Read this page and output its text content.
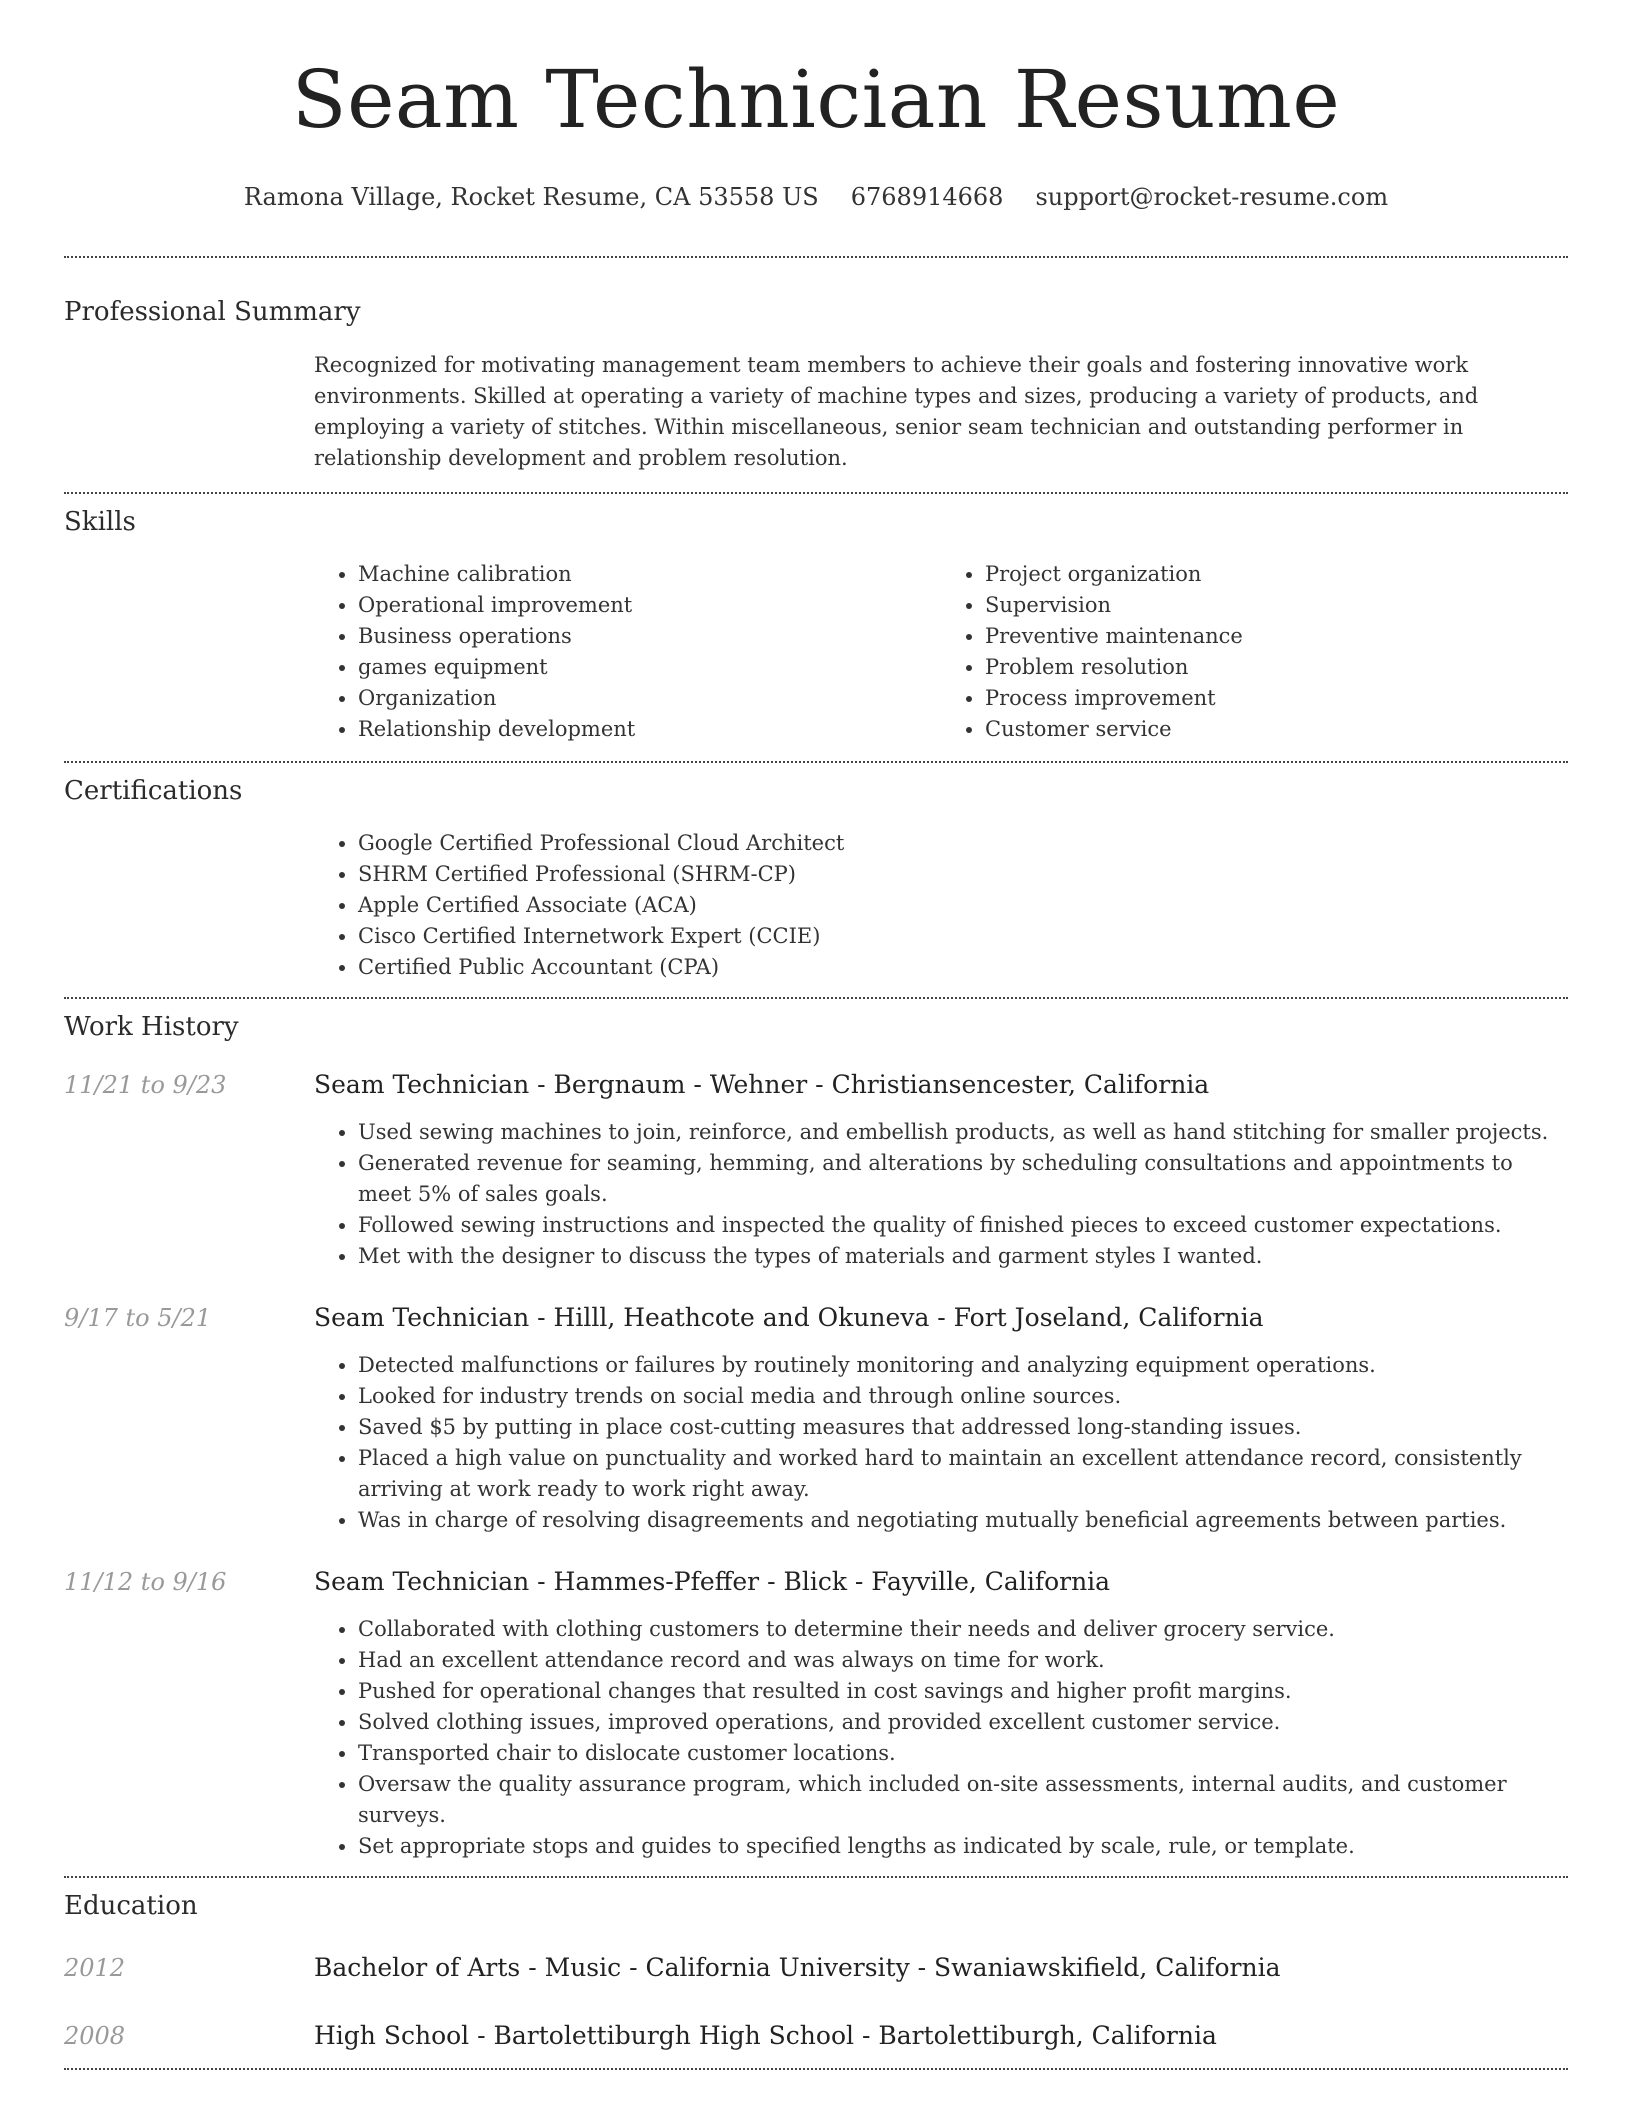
Seam Technician Resume
Ramona Village, Rocket Resume, CA 53558 US 6768914668 support@rocket-resume.com
Professional Summary
Recognized for motivating management team members to achieve their goals and fostering innovative work environments. Skilled at operating a variety of machine types and sizes, producing a variety of products, and employing a variety of stitches. Within miscellaneous, senior seam technician and outstanding performer in relationship development and problem resolution.
Skills
• Machine calibration
• Operational improvement
• Business operations
• games equipment
• Organization
• Relationship development
• Project organization
• Supervision
• Preventive maintenance
• Problem resolution
• Process improvement
• Customer service
Certifications
• Google Certified Professional Cloud Architect
• SHRM Certified Professional (SHRM-CP)
• Apple Certified Associate (ACA)
• Cisco Certified Internetwork Expert (CCIE)
• Certified Public Accountant (CPA)
Work History
11/21 to 9/23	Seam Technician - Bergnaum - Wehner - Christiansencester, California
• Used sewing machines to join, reinforce, and embellish products, as well as hand stitching for smaller projects.
• Generated revenue for seaming, hemming, and alterations by scheduling consultations and appointments to meet 5% of sales goals.
• Followed sewing instructions and inspected the quality of finished pieces to exceed customer expectations.
• Met with the designer to discuss the types of materials and garment styles I wanted.
9/17 to 5/21	Seam Technician - Hilll, Heathcote and Okuneva - Fort Joseland, California
• Detected malfunctions or failures by routinely monitoring and analyzing equipment operations.
• Looked for industry trends on social media and through online sources.
• Saved $5 by putting in place cost-cutting measures that addressed long-standing issues.
• Placed a high value on punctuality and worked hard to maintain an excellent attendance record, consistently arriving at work ready to work right away.
• Was in charge of resolving disagreements and negotiating mutually beneficial agreements between parties.
11/12 to 9/16	Seam Technician - Hammes-Pfeffer - Blick - Fayville, California
• Collaborated with clothing customers to determine their needs and deliver grocery service.
• Had an excellent attendance record and was always on time for work.
• Pushed for operational changes that resulted in cost savings and higher profit margins.
• Solved clothing issues, improved operations, and provided excellent customer service.
• Transported chair to dislocate customer locations.
• Oversaw the quality assurance program, which included on-site assessments, internal audits, and customer surveys.
• Set appropriate stops and guides to specified lengths as indicated by scale, rule, or template.
Education
2012	Bachelor of Arts - Music - California University - Swaniawskifield, California
2008	High School - Bartolettiburgh High School - Bartolettiburgh, California
